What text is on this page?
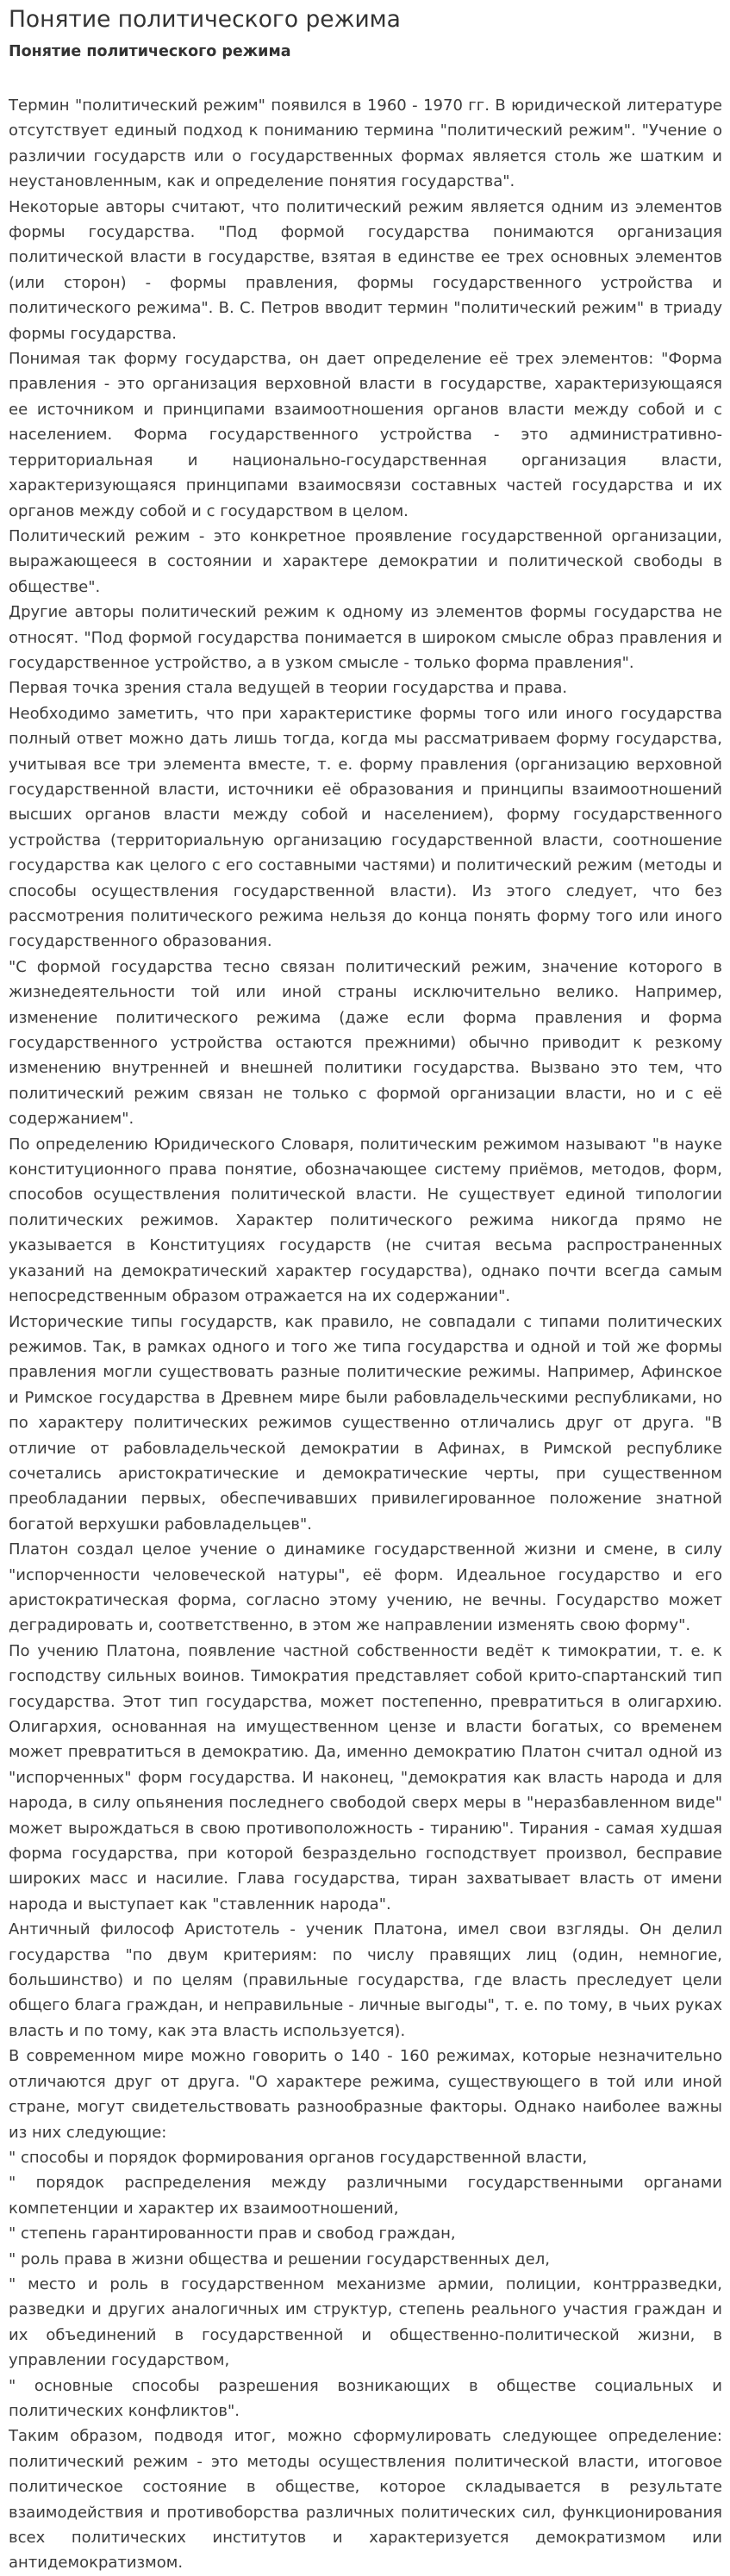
Понятие политического режима
Понятие политического режима

Термин "политический режим" появился в 1960 - 1970 гг. В юридической литературе отсутствует единый подход к пониманию термина "политический режим". "Учение о различии государств или о государственных формах является столь же шатким и неустановленным, как и определение понятия государства".

Некоторые авторы считают, что политический режим является одним из элементов формы государства. "Под формой государства понимаются организация политической власти в государстве, взятая в единстве ее трех основных элементов (или сторон) - формы правления, формы государственного устройства и политического режима". В. С. Петров вводит термин "политический режим" в триаду формы государства.

Понимая так форму государства, он дает определение её трех элементов: "Форма правления - это организация верховной власти в государстве, характеризующаяся ее источником и принципами взаимоотношения органов власти между собой и с населением. Форма государственного устройства - это административно-территориальная и национально-государственная организация власти, характеризующаяся принципами взаимосвязи составных частей государства и их органов между собой и с государством в целом.

Политический режим - это конкретное проявление государственной организации, выражающееся в состоянии и характере демократии и политической свободы в обществе".

Другие авторы политический режим к одному из элементов формы государства не относят. "Под формой государства понимается в широком смысле образ правления и государственное устройство, а в узком смысле - только форма правления".

Первая точка зрения стала ведущей в теории государства и права.

Необходимо заметить, что при характеристике формы того или иного государства полный ответ можно дать лишь тогда, когда мы рассматриваем форму государства, учитывая все три элемента вместе, т. е. форму правления (организацию верховной государственной власти, источники её образования и принципы взаимоотношений высших органов власти между собой и населением), форму государственного устройства (территориальную организацию государственной власти, соотношение государства как целого с его составными частями) и политический режим (методы и способы осуществления государственной власти). Из этого следует, что без рассмотрения политического режима нельзя до конца понять форму того или иного государственного образования.

"С формой государства тесно связан политический режим, значение которого в жизнедеятельности той или иной страны исключительно велико. Например, изменение политического режима (даже если форма правления и форма государственного устройства остаются прежними) обычно приводит к резкому изменению внутренней и внешней политики государства. Вызвано это тем, что политический режим связан не только с формой организации власти, но и с её содержанием".

По определению Юридического Словаря, политическим режимом называют "в науке конституционного права понятие, обозначающее систему приёмов, методов, форм, способов осуществления политической власти. Не существует единой типологии политических режимов. Характер политического режима никогда прямо не указывается в Конституциях государств (не считая весьма распространенных указаний на демократический характер государства), однако почти всегда самым непосредственным образом отражается на их содержании".

Исторические типы государств, как правило, не совпадали с типами политических режимов. Так, в рамках одного и того же типа государства и одной и той же формы правления могли существовать разные политические режимы. Например, Афинское и Римское государства в Древнем мире были рабовладельческими республиками, но по характеру политических режимов существенно отличались друг от друга. "В отличие от рабовладельческой демократии в Афинах, в Римской республике сочетались аристократические и демократические черты, при существенном преобладании первых, обеспечивавших привилегированное положение знатной богатой верхушки рабовладельцев".

Платон создал целое учение о динамике государственной жизни и смене, в силу "испорченности человеческой натуры", её форм. Идеальное государство и его аристократическая форма, согласно этому учению, не вечны. Государство может деградировать и, соответственно, в этом же направлении изменять свою форму".

По учению Платона, появление частной собственности ведёт к тимократии, т. е. к господству сильных воинов. Тимократия представляет собой крито-спартанский тип государства. Этот тип государства, может постепенно, превратиться в олигархию. Олигархия, основанная на имущественном цензе и власти богатых, со временем может превратиться в демократию. Да, именно демократию Платон считал одной из "испорченных" форм государства. И наконец, "демократия как власть народа и для народа, в силу опьянения последнего свободой сверх меры в "неразбавленном виде" может вырождаться в свою противоположность - тиранию". Тирания - самая худшая форма государства, при которой безраздельно господствует произвол, бесправие широких масс и насилие. Глава государства, тиран захватывает власть от имени народа и выступает как "ставленник народа".

Античный философ Аристотель - ученик Платона, имел свои взгляды. Он делил государства "по двум критериям: по числу правящих лиц (один, немногие, большинство) и по целям (правильные государства, где власть преследует цели общего блага граждан, и неправильные - личные выгоды", т. е. по тому, в чьих руках власть и по тому, как эта власть используется).

В современном мире можно говорить о 140 - 160 режимах, которые незначительно отличаются друг от друга. "О характере режима, существующего в той или иной стране, могут свидетельствовать разнообразные факторы. Однако наиболее важны из них следующие:

" способы и порядок формирования органов государственной власти,

" порядок распределения между различными государственными органами компетенции и характер их взаимоотношений,

" степень гарантированности прав и свобод граждан,

" роль права в жизни общества и решении государственных дел,

" место и роль в государственном механизме армии, полиции, контрразведки, разведки и других аналогичных им структур, степень реального участия граждан и их объединений в государственной и общественно-политической жизни, в управлении государством,

" основные способы разрешения возникающих в обществе социальных и политических конфликтов".

Таким образом, подводя итог, можно сформулировать следующее определение: политический режим - это методы осуществления политической власти, итоговое политическое состояние в обществе, которое складывается в результате взаимодействия и противоборства различных политических сил, функционирования всех политических институтов и характеризуется демократизмом или антидемократизмом.
